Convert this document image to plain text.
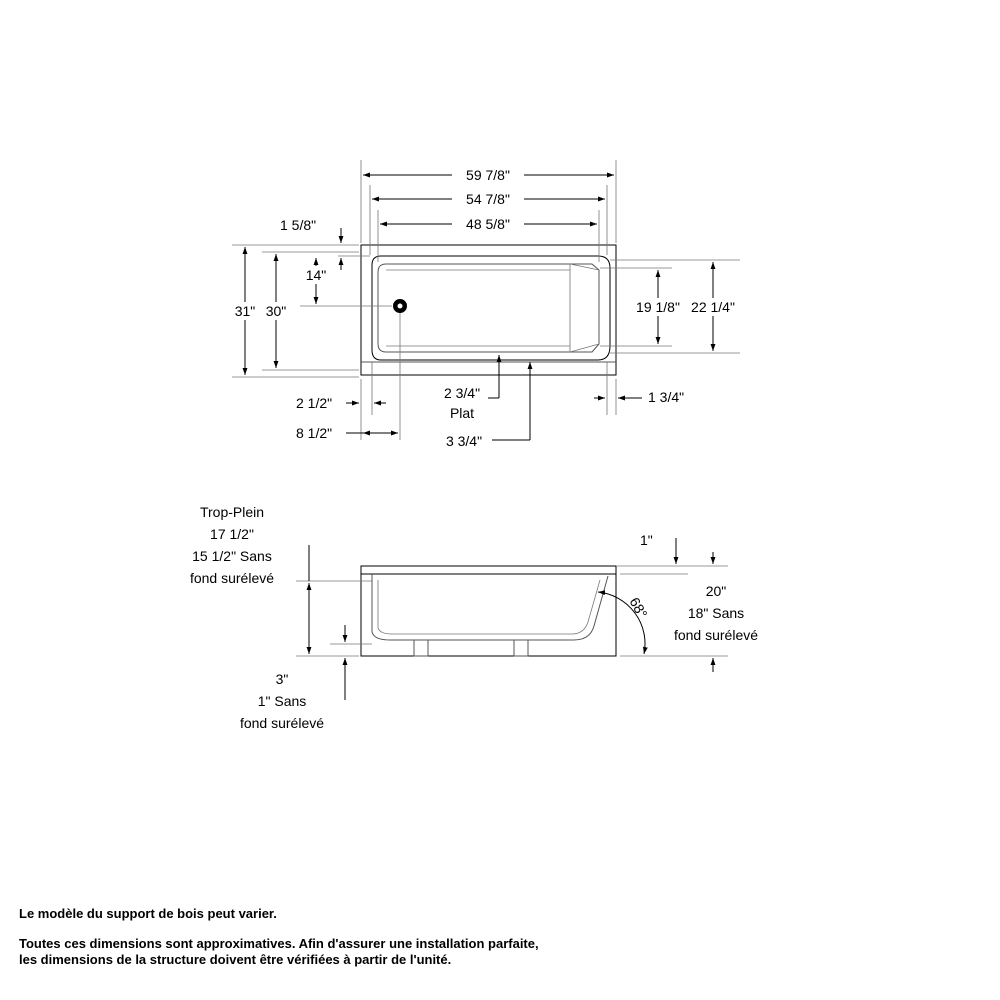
59 7/8"
54 7/8"
48 5/8"
31" 30"
1 5/8"
14"
19 1/8" 22 1/4"
2 1/2"
8 1/2"
2 3/4"
Plat
3 3/4"
1 3/4"
Trop-Plein
17 1/2"
15 1/2" Sans
fond surélevé
3"
1" Sans
fond surélevé
1"
20"
18" Sans
fond surélevé
68°
Le modèle du support de bois peut varier.
Toutes ces dimensions sont approximatives. Afin d'assurer une installation parfaite,
les dimensions de la structure doivent être vérifiées à partir de l'unité.
